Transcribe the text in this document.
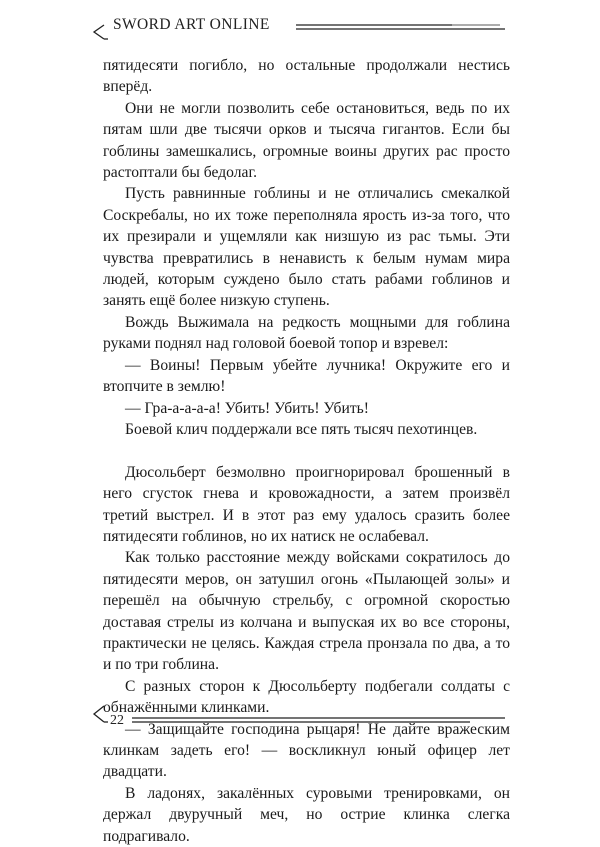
SWORD ART ONLINE

пятидесяти погибло, но остальные продолжали нестись вперёд.

Они не могли позволить себе остановиться, ведь по их пятам шли две тысячи орков и тысяча гигантов. Если бы гоблины замешкались, огромные воины других рас просто растоптали бы бедолаг.

Пусть равнинные гоблины и не отличались смекалкой Соскребалы, но их тоже переполняла ярость из-за того, что их презирали и ущемляли как низшую из рас тьмы. Эти чувства превратились в ненависть к белым нумам мира людей, которым суждено было стать рабами гоблинов и занять ещё более низкую ступень.

Вождь Выжимала на редкость мощными для гоблина руками поднял над головой боевой топор и взревел:

— Воины! Первым убейте лучника! Окружите его и втопчите в землю!

— Гра-а-а-а-а! Убить! Убить! Убить!

Боевой клич поддержали все пять тысяч пехотинцев.

Дюсольберт безмолвно проигнорировал брошенный в него сгусток гнева и кровожадности, а затем произвёл третий выстрел. И в этот раз ему удалось сразить более пятидесяти гоблинов, но их натиск не ослабевал.

Как только расстояние между войсками сократилось до пятидесяти меров, он затушил огонь «Пылающей золы» и перешёл на обычную стрельбу, с огромной скоростью доставая стрелы из колчана и выпуская их во все стороны, практически не целясь. Каждая стрела пронзала по два, а то и по три гоблина.

С разных сторон к Дюсольберту подбегали солдаты с обнажёнными клинками.

— Защищайте господина рыцаря! Не дайте вражеским клинкам задеть его! — воскликнул юный офицер лет двадцати.

В ладонях, закалённых суровыми тренировками, он держал двуручный меч, но острие клинка слегка подрагивало.

22
